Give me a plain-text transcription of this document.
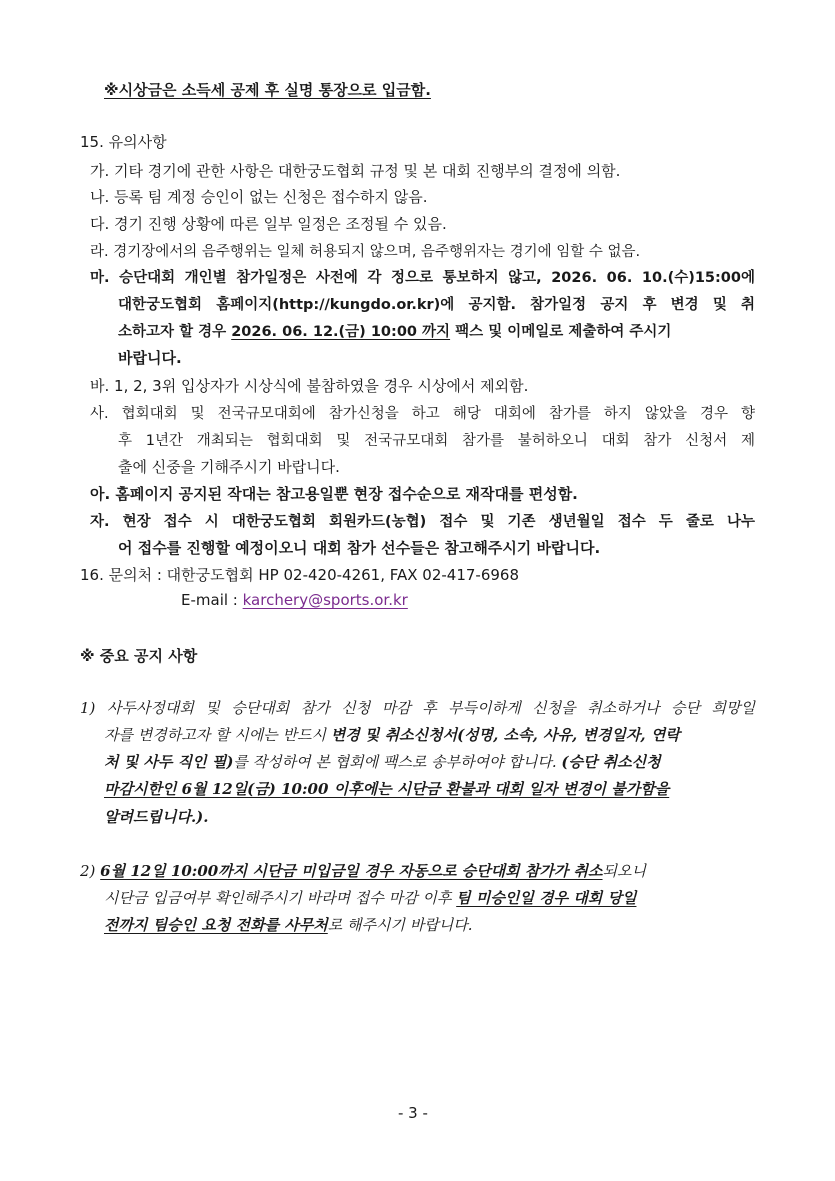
※시상금은 소득세 공제 후 실명 통장으로 입금함.
15. 유의사항
가. 기타 경기에 관한 사항은 대한궁도협회 규정 및 본 대회 진행부의 결정에 의함.
나. 등록 팀 계정 승인이 없는 신청은 접수하지 않음.
다. 경기 진행 상황에 따른 일부 일정은 조정될 수 있음.
라. 경기장에서의 음주행위는 일체 허용되지 않으며, 음주행위자는 경기에 임할 수 없음.
마. 승단대회 개인별 참가일정은 사전에 각 정으로 통보하지 않고, 2026. 06. 10.(수)15:00에
대한궁도협회 홈페이지(http://kungdo.or.kr)에 공지함. 참가일정 공지 후 변경 및 취
소하고자 할 경우 2026. 06. 12.(금) 10:00 까지 팩스 및 이메일로 제출하여 주시기
바랍니다.
바. 1, 2, 3위 입상자가 시상식에 불참하였을 경우 시상에서 제외함.
사. 협회대회 및 전국규모대회에 참가신청을 하고 해당 대회에 참가를 하지 않았을 경우 향
후 1년간 개최되는 협회대회 및 전국규모대회 참가를 불허하오니 대회 참가 신청서 제
출에 신중을 기해주시기 바랍니다.
아. 홈페이지 공지된 작대는 참고용일뿐 현장 접수순으로 재작대를 편성함.
자. 현장 접수 시 대한궁도협회 회원카드(농협) 접수 및 기존 생년월일 접수 두 줄로 나누
어 접수를 진행할 예정이오니 대회 참가 선수들은 참고해주시기 바랍니다.
16. 문의처 : 대한궁도협회 HP 02-420-4261, FAX 02-417-6968
E-mail : karchery@sports.or.kr
※ 중요 공지 사항
1) 사두사정대회 및 승단대회 참가 신청 마감 후 부득이하게 신청을 취소하거나 승단 희망일
자를 변경하고자 할 시에는 반드시 변경 및 취소신청서(성명, 소속, 사유, 변경일자, 연락
처 및 사두 직인 필)를 작성하여 본 협회에 팩스로 송부하여야 합니다. (승단 취소신청
마감시한인 6월 12일(금) 10:00 이후에는 시단금 환불과 대회 일자 변경이 불가함을
알려드립니다.).
2) 6월 12일 10:00까지 시단금 미입금일 경우 자동으로 승단대회 참가가 취소되오니
시단금 입금여부 확인해주시기 바라며 접수 마감 이후 팀 미승인일 경우 대회 당일
전까지 팀승인 요청 전화를 사무처로 해주시기 바랍니다.
- 3 -
